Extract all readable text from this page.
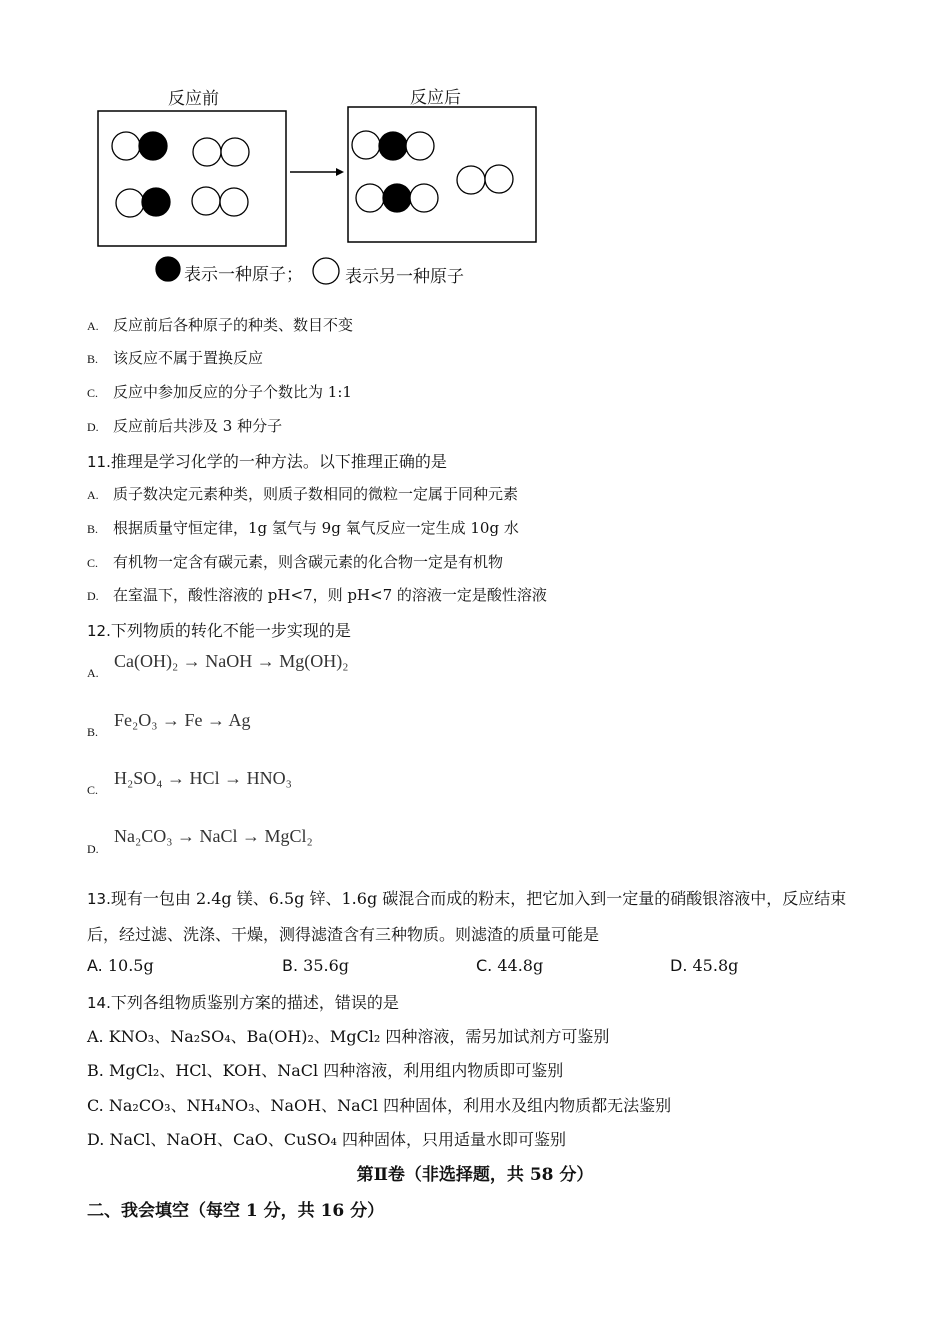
反应前	反应后
表示一种原子； 表示另一种原子
A. 反应前后各种原子的种类、数目不变
B. 该反应不属于置换反应
C. 反应中参加反应的分子个数比为 1:1
D. 反应前后共涉及 3 种分子
11.推理是学习化学的一种方法。以下推理正确的是
A. 质子数决定元素种类，则质子数相同的微粒一定属于同种元素
B. 根据质量守恒定律，1g 氢气与 9g 氧气反应一定生成 10g 水
C. 有机物一定含有碳元素，则含碳元素的化合物一定是有机物
D. 在室温下，酸性溶液的 pH<7，则 pH<7 的溶液一定是酸性溶液
12.下列物质的转化不能一步实现的是
A.
Ca(OH)₂ → NaOH → Mg(OH)₂
B.
Fe₂O₃ → Fe → Ag
C.
H₂SO₄ → HCl → HNO₃
D.
Na₂CO₃ → NaCl → MgCl₂
13.现有一包由 2.4g 镁、6.5g 锌、1.6g 碳混合而成的粉末，把它加入到一定量的硝酸银溶液中，反应结束
后，经过滤、洗涤、干燥，测得滤渣含有三种物质。则滤渣的质量可能是
A. 10.5g	B. 35.6g	C. 44.8g	D. 45.8g
14.下列各组物质鉴别方案的描述，错误的是
A. KNO₃、Na₂SO₄、Ba(OH)₂、MgCl₂ 四种溶液，需另加试剂方可鉴别
B. MgCl₂、HCl、KOH、NaCl 四种溶液，利用组内物质即可鉴别
C. Na₂CO₃、NH₄NO₃、NaOH、NaCl 四种固体，利用水及组内物质都无法鉴别
D. NaCl、NaOH、CaO、CuSO₄ 四种固体，只用适量水即可鉴别
第Ⅱ卷（非选择题，共 58 分）
二、我会填空（每空 1 分，共 16 分）
